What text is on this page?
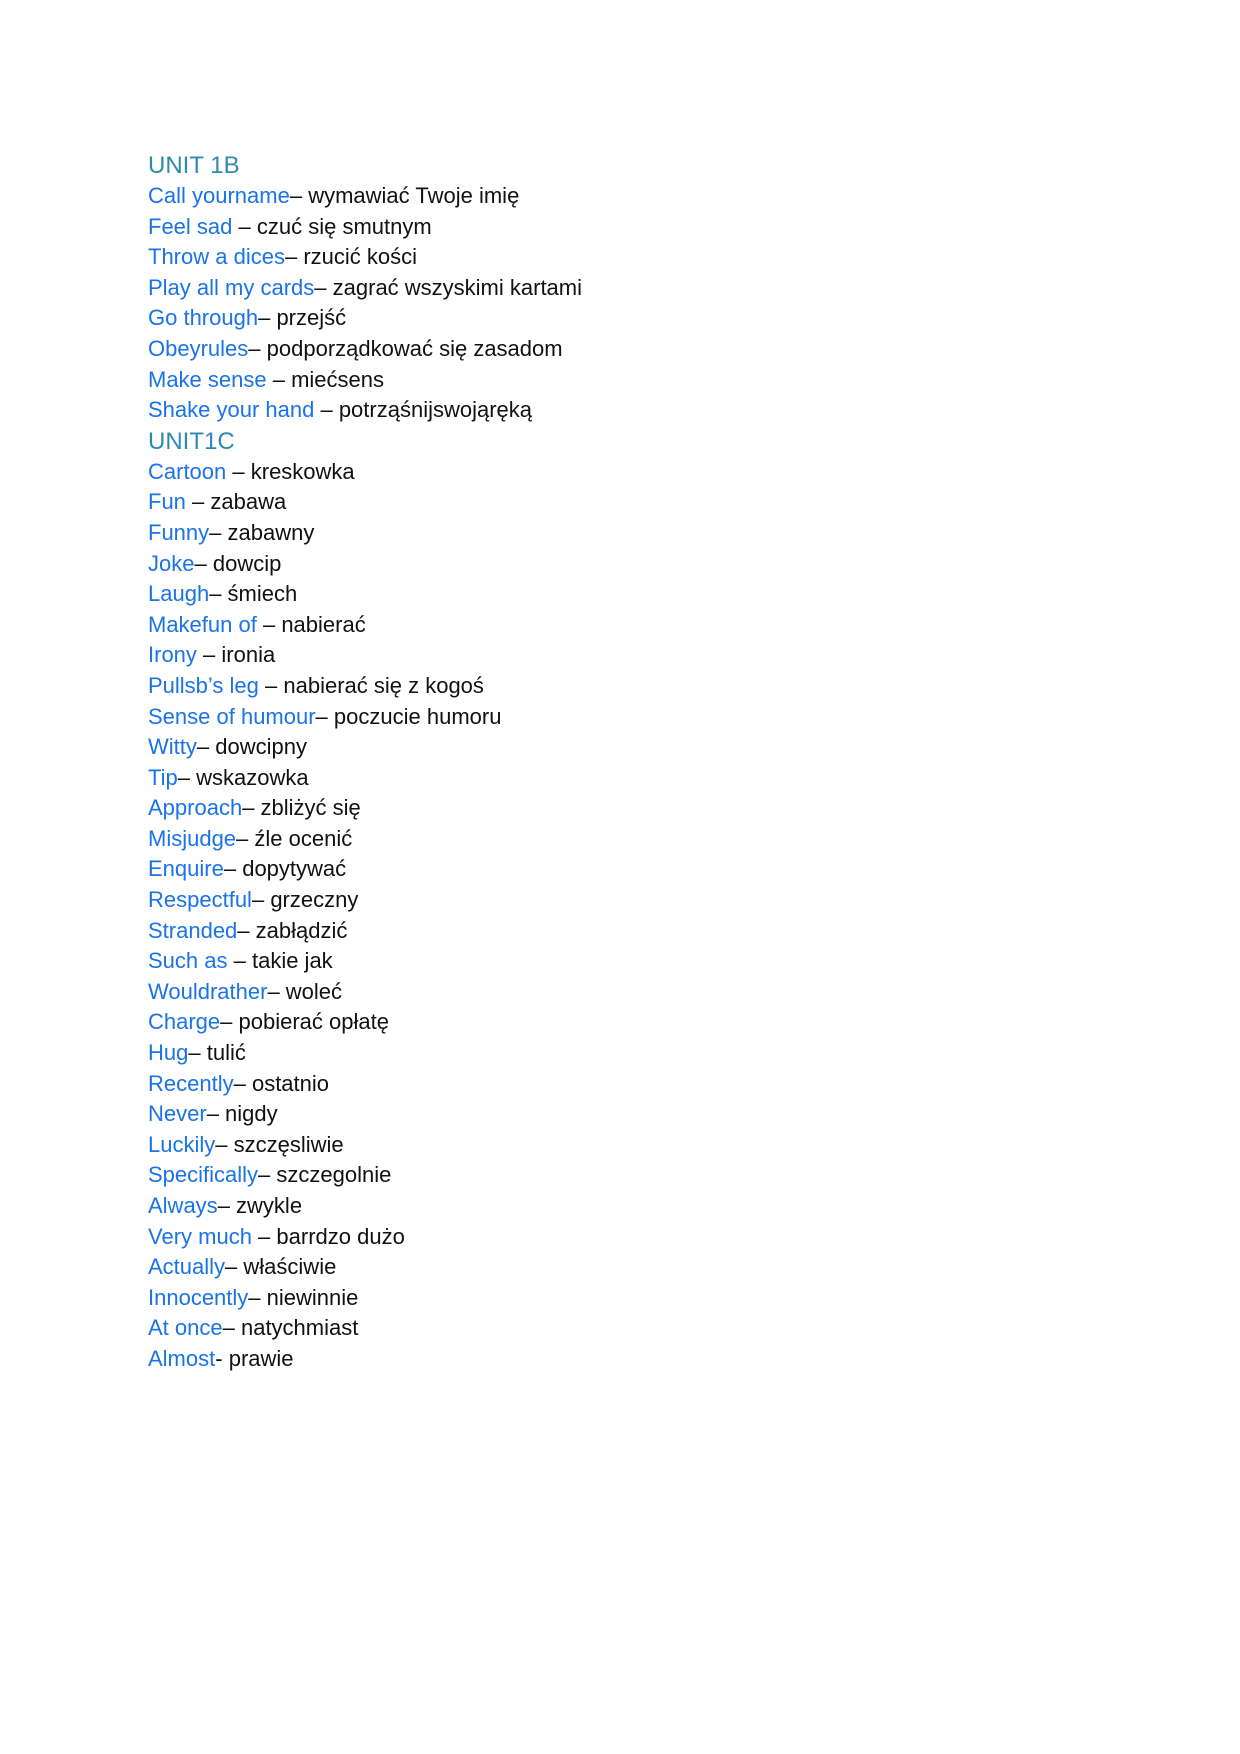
UNIT 1B
Call yourname– wymawiać Twoje imię
Feel sad – czuć się smutnym
Throw a dices– rzucić kości
Play all my cards– zagrać wszyskimi kartami
Go through– przejść
Obeyrules– podporządkować się zasadom
Make sense – miećsens
Shake your hand – potrząśnijswojąręką
UNIT1C
Cartoon – kreskowka
Fun – zabawa
Funny– zabawny
Joke– dowcip
Laugh– śmiech
Makefun of – nabierać
Irony – ironia
Pullsb’s leg – nabierać się z kogoś
Sense of humour– poczucie humoru
Witty– dowcipny
Tip– wskazowka
Approach– zbliżyć się
Misjudge– źle ocenić
Enquire– dopytywać
Respectful– grzeczny
Stranded– zabłądzić
Such as – takie jak
Wouldrather– woleć
Charge– pobierać opłatę
Hug– tulić
Recently– ostatnio
Never– nigdy
Luckily– szczęsliwie
Specifically– szczegolnie
Always– zwykle
Very much – barrdzo dużo
Actually– właściwie
Innocently– niewinnie
At once– natychmiast
Almost- prawie
